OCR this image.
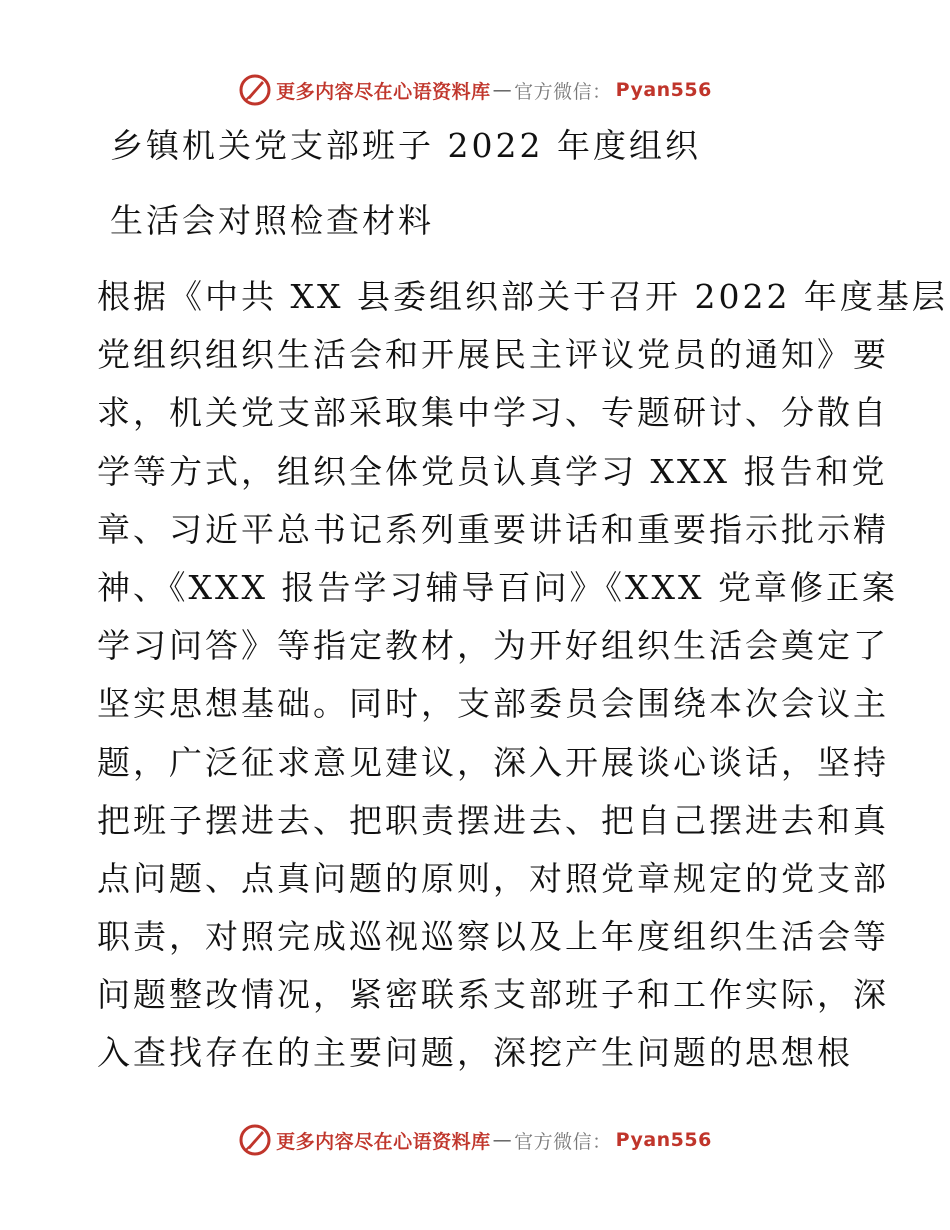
更多内容尽在心语资料库 — 官方微信： Pyan556
乡镇机关党支部班子 2022 年度组织
生活会对照检查材料
根据《中共 XX 县委组织部关于召开 2022 年度基层
党组织组织生活会和开展民主评议党员的通知》要
求，机关党支部采取集中学习、专题研讨、分散自
学等方式，组织全体党员认真学习 XXX 报告和党
章、习近平总书记系列重要讲话和重要指示批示精
神、《XXX 报告学习辅导百问》《XXX 党章修正案
学习问答》等指定教材，为开好组织生活会奠定了
坚实思想基础。同时，支部委员会围绕本次会议主
题，广泛征求意见建议，深入开展谈心谈话，坚持
把班子摆进去、把职责摆进去、把自己摆进去和真
点问题、点真问题的原则，对照党章规定的党支部
职责，对照完成巡视巡察以及上年度组织生活会等
问题整改情况，紧密联系支部班子和工作实际，深
入查找存在的主要问题，深挖产生问题的思想根
更多内容尽在心语资料库 — 官方微信： Pyan556
